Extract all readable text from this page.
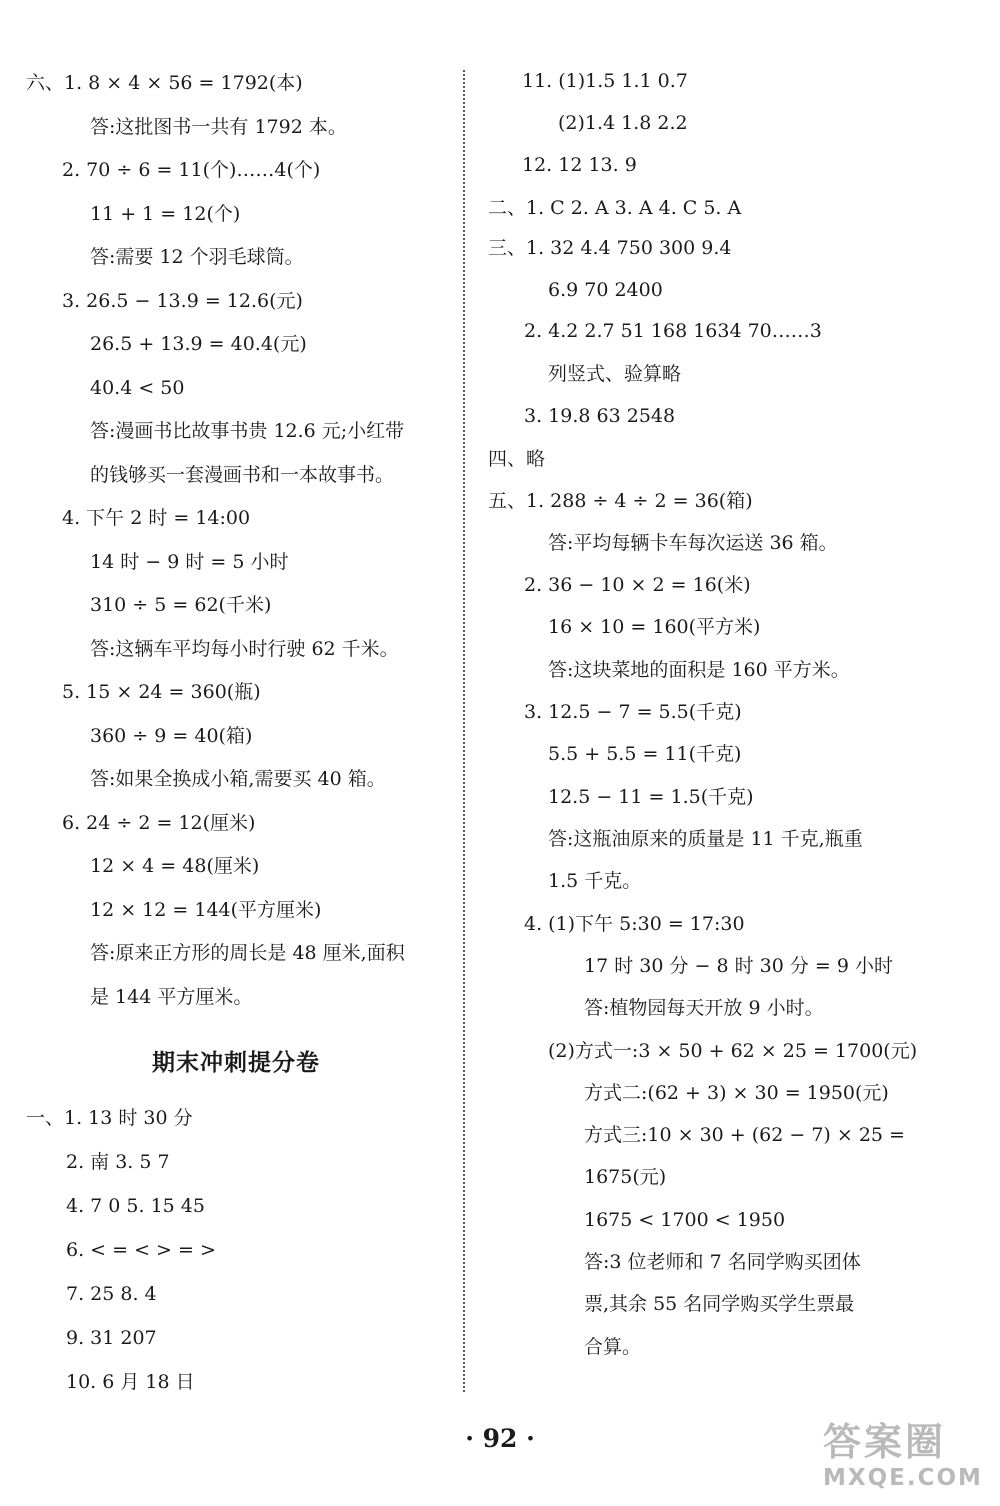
六、1. 8 × 4 × 56 = 1792(本)
答:这批图书一共有 1792 本。
2. 70 ÷ 6 = 11(个)……4(个)
11 + 1 = 12(个)
答:需要 12 个羽毛球筒。
3. 26.5 − 13.9 = 12.6(元)
26.5 + 13.9 = 40.4(元)
40.4 < 50
答:漫画书比故事书贵 12.6 元;小红带
的钱够买一套漫画书和一本故事书。
4. 下午 2 时 = 14:00
14 时 − 9 时 = 5 小时
310 ÷ 5 = 62(千米)
答:这辆车平均每小时行驶 62 千米。
5. 15 × 24 = 360(瓶)
360 ÷ 9 = 40(箱)
答:如果全换成小箱,需要买 40 箱。
6. 24 ÷ 2 = 12(厘米)
12 × 4 = 48(厘米)
12 × 12 = 144(平方厘米)
答:原来正方形的周长是 48 厘米,面积
是 144 平方厘米。
期末冲刺提分卷
一、1. 13 时 30 分
2. 南 3. 5 7
4. 7 0 5. 15 45
6. < = < > = >
7. 25 8. 4
9. 31 207
10. 6 月 18 日
11. (1)1.5 1.1 0.7
(2)1.4 1.8 2.2
12. 12 13. 9
二、1. C 2. A 3. A 4. C 5. A
三、1. 32 4.4 750 300 9.4
6.9 70 2400
2. 4.2 2.7 51 168 1634 70……3
列竖式、验算略
3. 19.8 63 2548
四、略
五、1. 288 ÷ 4 ÷ 2 = 36(箱)
答:平均每辆卡车每次运送 36 箱。
2. 36 − 10 × 2 = 16(米)
16 × 10 = 160(平方米)
答:这块菜地的面积是 160 平方米。
3. 12.5 − 7 = 5.5(千克)
5.5 + 5.5 = 11(千克)
12.5 − 11 = 1.5(千克)
答:这瓶油原来的质量是 11 千克,瓶重
1.5 千克。
4. (1)下午 5:30 = 17:30
17 时 30 分 − 8 时 30 分 = 9 小时
答:植物园每天开放 9 小时。
(2)方式一:3 × 50 + 62 × 25 = 1700(元)
方式二:(62 + 3) × 30 = 1950(元)
方式三:10 × 30 + (62 − 7) × 25 =
1675(元)
1675 < 1700 < 1950
答:3 位老师和 7 名同学购买团体
票,其余 55 名同学购买学生票最
合算。
· 92 ·	答案圈
MXQE.COM
